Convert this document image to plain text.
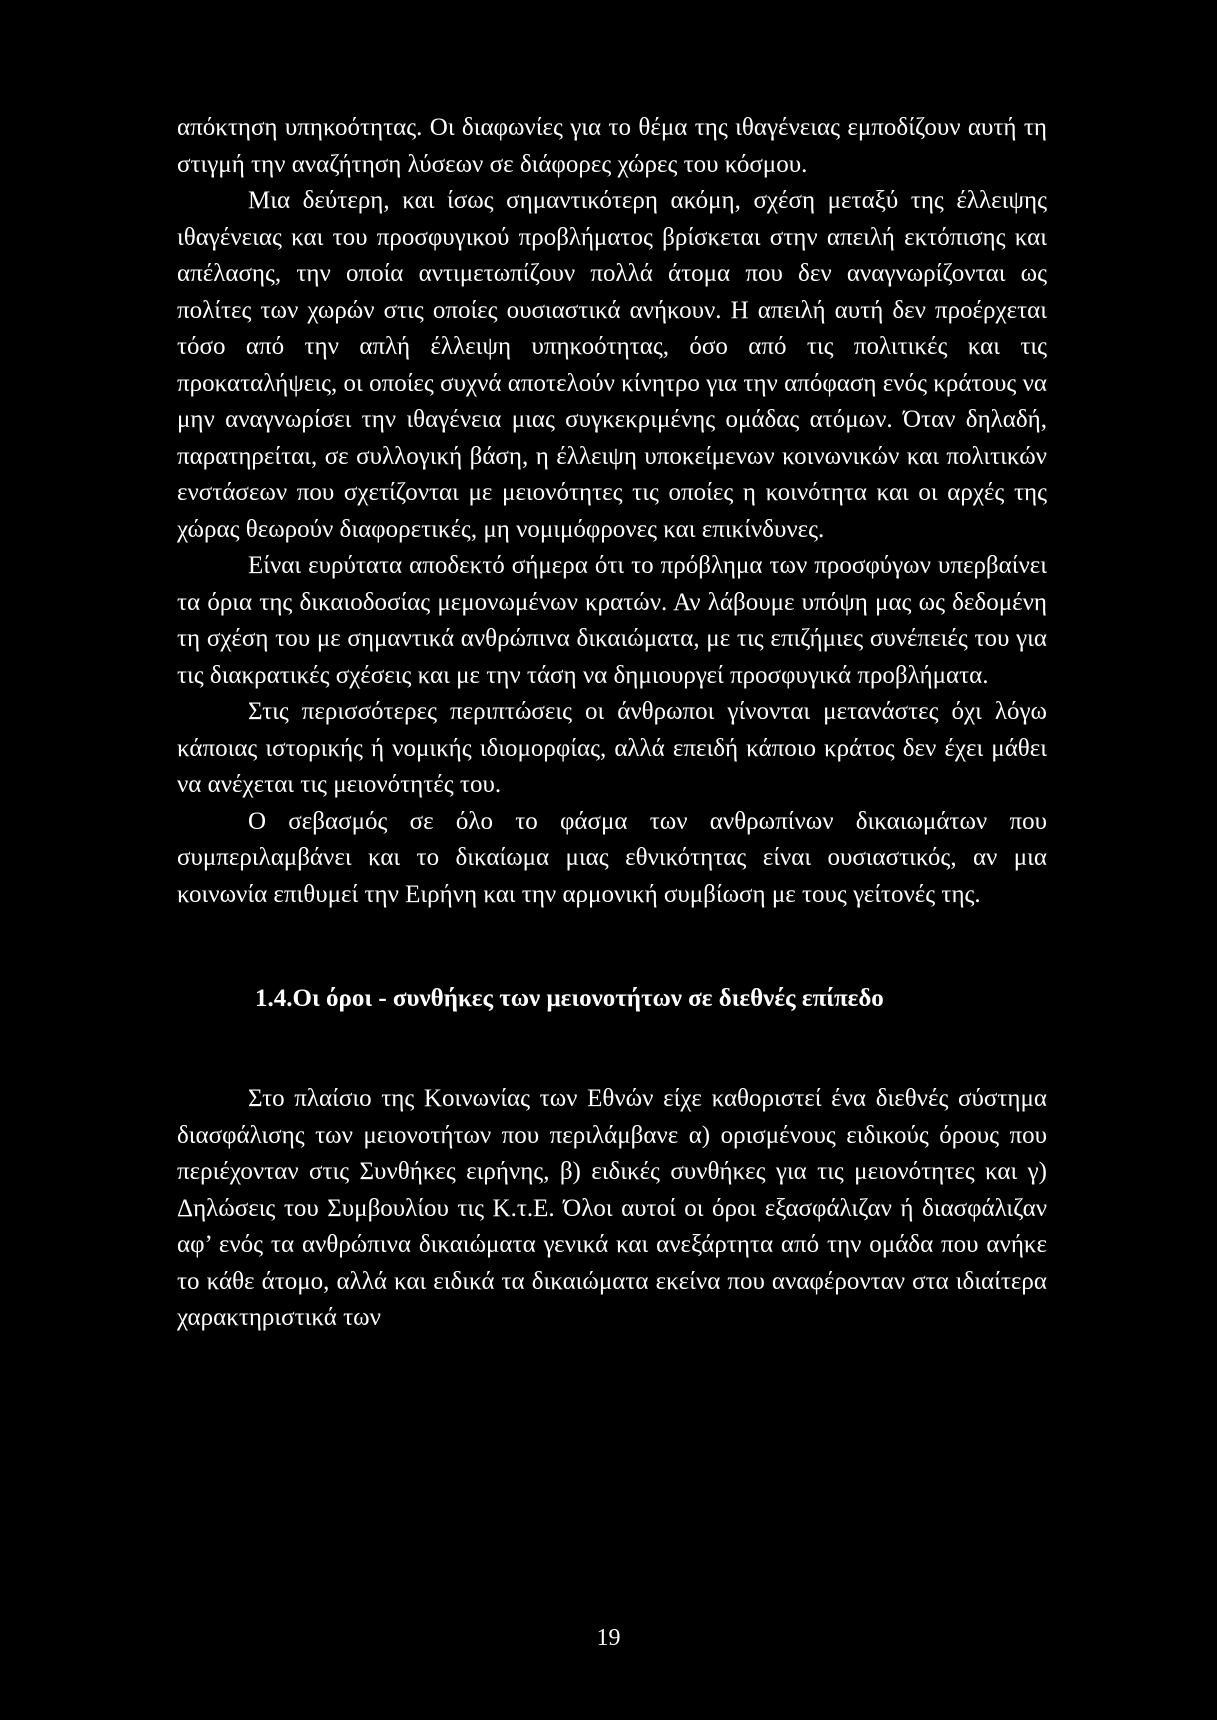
απόκτηση υπηκοότητας. Οι διαφωνίες για το θέμα της ιθαγένειας εμποδίζουν αυτή τη στιγμή την αναζήτηση λύσεων σε διάφορες χώρες του κόσμου.

Μια δεύτερη, και ίσως σημαντικότερη ακόμη, σχέση μεταξύ της έλλειψης ιθαγένειας και του προσφυγικού προβλήματος βρίσκεται στην απειλή εκτόπισης και απέλασης, την οποία αντιμετωπίζουν πολλά άτομα που δεν αναγνωρίζονται ως πολίτες των χωρών στις οποίες ουσιαστικά ανήκουν. Η απειλή αυτή δεν προέρχεται τόσο από την απλή έλλειψη υπηκοότητας, όσο από τις πολιτικές και τις προκαταλήψεις, οι οποίες συχνά αποτελούν κίνητρο για την απόφαση ενός κράτους να μην αναγνωρίσει την ιθαγένεια μιας συγκεκριμένης ομάδας ατόμων. Όταν δηλαδή, παρατηρείται, σε συλλογική βάση, η έλλειψη υποκείμενων κοινωνικών και πολιτικών ενστάσεων που σχετίζονται με μειονότητες τις οποίες η κοινότητα και οι αρχές της χώρας θεωρούν διαφορετικές, μη νομιμόφρονες και επικίνδυνες.

Είναι ευρύτατα αποδεκτό σήμερα ότι το πρόβλημα των προσφύγων υπερβαίνει τα όρια της δικαιοδοσίας μεμονωμένων κρατών. Αν λάβουμε υπόψη μας ως δεδομένη τη σχέση του με σημαντικά ανθρώπινα δικαιώματα, με τις επιζήμιες συνέπειές του για τις διακρατικές σχέσεις και με την τάση να δημιουργεί προσφυγικά προβλήματα.

Στις περισσότερες περιπτώσεις οι άνθρωποι γίνονται μετανάστες όχι λόγω κάποιας ιστορικής ή νομικής ιδιομορφίας, αλλά επειδή κάποιο κράτος δεν έχει μάθει να ανέχεται τις μειονότητές του.

Ο σεβασμός σε όλο το φάσμα των ανθρωπίνων δικαιωμάτων που συμπεριλαμβάνει και το δικαίωμα μιας εθνικότητας είναι ουσιαστικός, αν μια κοινωνία επιθυμεί την Ειρήνη και την αρμονική συμβίωση με τους γείτονές της.

1.4.Οι όροι - συνθήκες των μειονοτήτων σε διεθνές επίπεδο

Στο πλαίσιο της Κοινωνίας των Εθνών είχε καθοριστεί ένα διεθνές σύστημα διασφάλισης των μειονοτήτων που περιλάμβανε α) ορισμένους ειδικούς όρους που περιέχονταν στις Συνθήκες ειρήνης, β) ειδικές συνθήκες για τις μειονότητες και γ) Δηλώσεις του Συμβουλίου τις Κ.τ.Ε. Όλοι αυτοί οι όροι εξασφάλιζαν ή διασφάλιζαν αφ’ ενός τα ανθρώπινα δικαιώματα γενικά και ανεξάρτητα από την ομάδα που ανήκε το κάθε άτομο, αλλά και ειδικά τα δικαιώματα εκείνα που αναφέρονταν στα ιδιαίτερα χαρακτηριστικά των

19
